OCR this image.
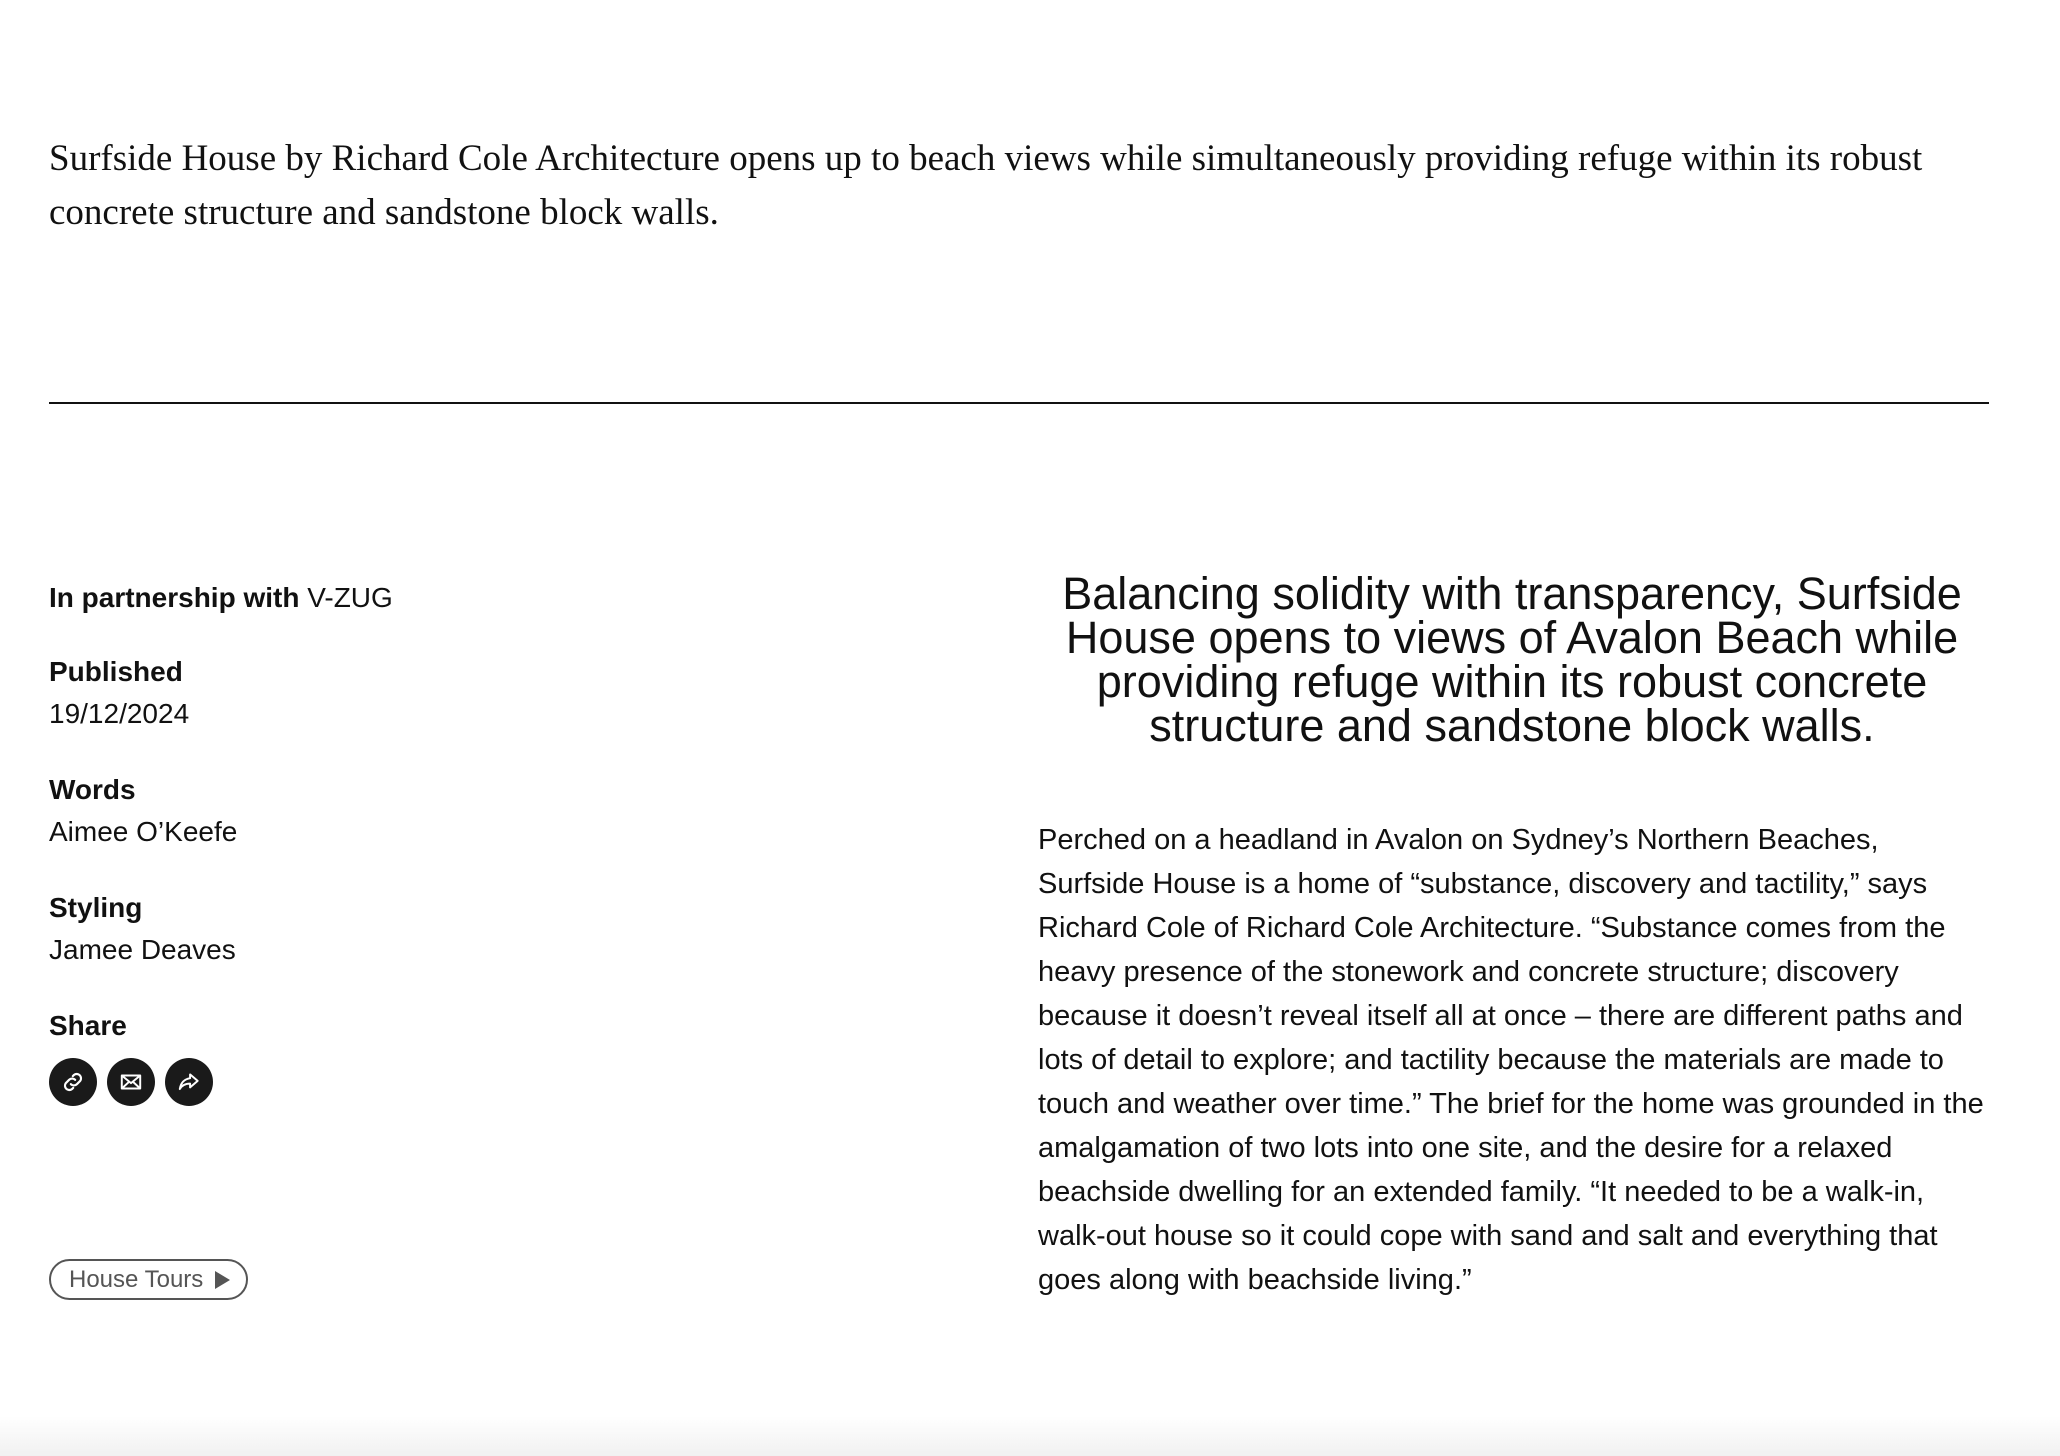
Surfside House by Richard Cole Architecture opens up to beach views while simultaneously providing refuge within its robust concrete structure and sandstone block walls.

In partnership with V-ZUG
Published
19/12/2024
Words
Aimee O’Keefe
Styling
Jamee Deaves
Share
House Tours
Balancing solidity with transparency, Surfside House opens to views of Avalon Beach while providing refuge within its robust concrete structure and sandstone block walls.

Perched on a headland in Avalon on Sydney’s Northern Beaches, Surfside House is a home of “substance, discovery and tactility,” says Richard Cole of Richard Cole Architecture. “Substance comes from the heavy presence of the stonework and concrete structure; discovery because it doesn’t reveal itself all at once – there are different paths and lots of detail to explore; and tactility because the materials are made to touch and weather over time.” The brief for the home was grounded in the amalgamation of two lots into one site, and the desire for a relaxed beachside dwelling for an extended family. “It needed to be a walk-in, walk-out house so it could cope with sand and salt and everything that goes along with beachside living.”
